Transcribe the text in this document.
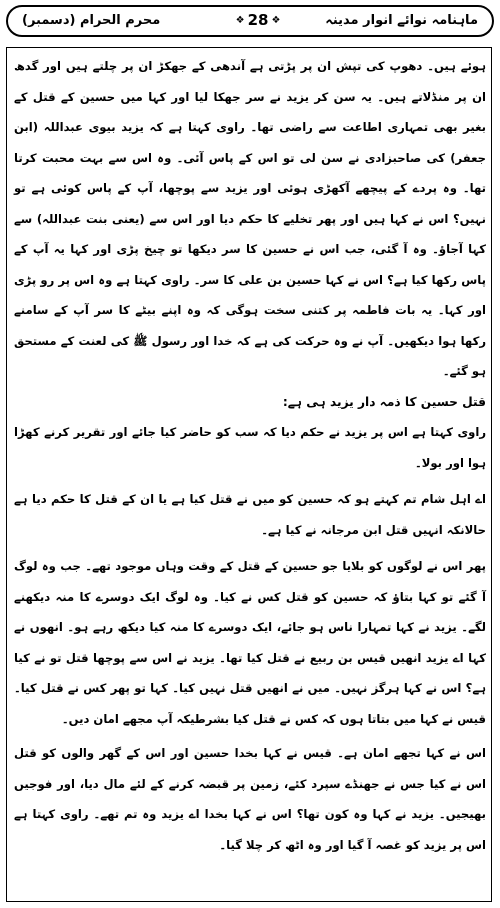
ماہنامہ نوائے انوار مدینہ
❖ 28 ❖
محرم الحرام (دسمبر)

ہوئے ہیں۔ دھوپ کی تپش ان پر پڑتی ہے آندھی کے جھکڑ ان پر چلتے ہیں اور گدھ ان پر منڈلاتے ہیں۔ یہ سن کر یزید نے سر جھکا لیا اور کہا میں حسین کے قتل کے بغیر بھی تمہاری اطاعت سے راضی تھا۔ راوی کہتا ہے کہ یزید بیوی عبداللہ (ابن جعفر) کی صاحبزادی نے سن لی تو اس کے پاس آئی۔ وہ اس سے بہت محبت کرتا تھا۔ وہ پردے کے پیچھے آکھڑی ہوئی اور یزید سے پوچھا، آپ کے پاس کوئی ہے تو نہیں؟ اس نے کہا ہیں اور پھر تخلیے کا حکم دیا اور اس سے (یعنی بنت عبداللہ) سے کہا آجاؤ۔ وہ آ گئی، جب اس نے حسین کا سر دیکھا تو چیخ پڑی اور کہا یہ آپ کے پاس رکھا کیا ہے؟ اس نے کہا حسین بن علی کا سر۔ راوی کہتا ہے وہ اس پر رو پڑی اور کہا۔ یہ بات فاطمہ پر کتنی سخت ہوگی کہ وہ اپنے بیٹے کا سر آپ کے سامنے رکھا ہوا دیکھیں۔ آپ نے وہ حرکت کی ہے کہ خدا اور رسول ﷺ کی لعنت کے مستحق ہو گئے۔

قتل حسین کا ذمہ دار یزید ہی ہے:

راوی کہتا ہے اس پر یزید نے حکم دیا کہ سب کو حاضر کیا جائے اور تقریر کرنے کھڑا ہوا اور بولا۔

اے اہل شام تم کہتے ہو کہ حسین کو میں نے قتل کیا ہے یا ان کے قتل کا حکم دیا ہے حالانکہ انہیں قتل ابن مرجانہ نے کیا ہے۔

پھر اس نے لوگوں کو بلایا جو حسین کے قتل کے وقت وہاں موجود تھے۔ جب وہ لوگ آ گئے تو کہا بتاؤ کہ حسین کو قتل کس نے کیا۔ وہ لوگ ایک دوسرے کا منہ دیکھنے لگے۔ یزید نے کہا تمہارا ناس ہو جائے، ایک دوسرے کا منہ کیا دیکھ رہے ہو۔ انھوں نے کہا اے یزید انھیں قیس بن ربیع نے قتل کیا تھا۔ یزید نے اس سے پوچھا قتل تو نے کیا ہے؟ اس نے کہا ہرگز نہیں۔ میں نے انھیں قتل نہیں کیا۔ کہا تو پھر کس نے قتل کیا۔ قیس نے کہا میں بتاتا ہوں کہ کس نے قتل کیا بشرطیکہ آپ مجھے امان دیں۔

اس نے کہا تجھے امان ہے۔ قیس نے کہا بخدا حسین اور اس کے گھر والوں کو قتل اس نے کیا جس نے جھنڈے سپرد کئے، زمین پر قبضہ کرنے کے لئے مال دیا، اور فوجیں بھیجیں۔ یزید نے کہا وہ کون تھا؟ اس نے کہا بخدا اے یزید وہ تم تھے۔ راوی کہتا ہے اس پر یزید کو غصہ آ گیا اور وہ اٹھ کر چلا گیا۔
